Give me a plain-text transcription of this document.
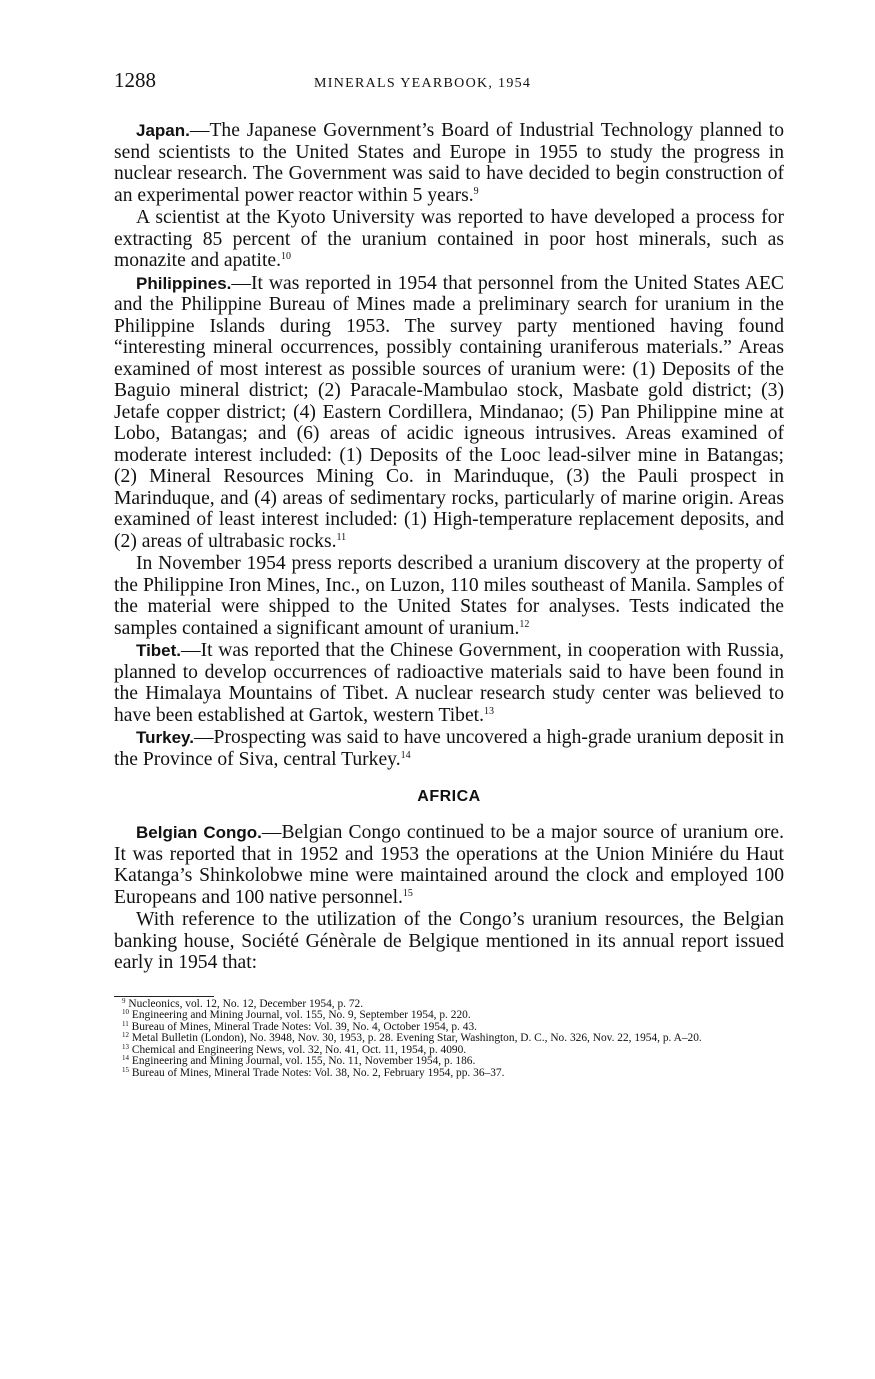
1288	MINERALS YEARBOOK, 1954

Japan.—The Japanese Government’s Board of Industrial Technology planned to send scientists to the United States and Europe in 1955 to study the progress in nuclear research. The Government was said to have decided to begin construction of an experimental power reactor within 5 years.$^9$

A scientist at the Kyoto University was reported to have developed a process for extracting 85 percent of the uranium contained in poor host minerals, such as monazite and apatite.$^{10}$

Philippines.—It was reported in 1954 that personnel from the United States AEC and the Philippine Bureau of Mines made a preliminary search for uranium in the Philippine Islands during 1953. The survey party mentioned having found “interesting mineral occurrences, possibly containing uraniferous materials.” Areas examined of most interest as possible sources of uranium were: (1) Deposits of the Baguio mineral district; (2) Paracale-Mambulao stock, Masbate gold district; (3) Jetafe copper district; (4) Eastern Cordillera, Mindanao; (5) Pan Philippine mine at Lobo, Batangas; and (6) areas of acidic igneous intrusives. Areas examined of moderate interest included: (1) Deposits of the Looc lead-silver mine in Batangas; (2) Mineral Resources Mining Co. in Marinduque, (3) the Pauli prospect in Marinduque, and (4) areas of sedimentary rocks, particularly of marine origin. Areas examined of least interest included: (1) High-temperature replacement deposits, and (2) areas of ultrabasic rocks.$^{11}$

In November 1954 press reports described a uranium discovery at the property of the Philippine Iron Mines, Inc., on Luzon, 110 miles southeast of Manila. Samples of the material were shipped to the United States for analyses. Tests indicated the samples contained a significant amount of uranium.$^{12}$

Tibet.—It was reported that the Chinese Government, in cooperation with Russia, planned to develop occurrences of radioactive materials said to have been found in the Himalaya Mountains of Tibet. A nuclear research study center was believed to have been established at Gartok, western Tibet.$^{13}$

Turkey.—Prospecting was said to have uncovered a high-grade uranium deposit in the Province of Siva, central Turkey.$^{14}$

AFRICA

Belgian Congo.—Belgian Congo continued to be a major source of uranium ore. It was reported that in 1952 and 1953 the operations at the Union Miniére du Haut Katanga’s Shinkolobwe mine were maintained around the clock and employed 100 Europeans and 100 native personnel.$^{15}$

With reference to the utilization of the Congo’s uranium resources, the Belgian banking house, Société Génèrale de Belgique mentioned in its annual report issued early in 1954 that:

$^9$ Nucleonics, vol. 12, No. 12, December 1954, p. 72.

$^{10}$ Engineering and Mining Journal, vol. 155, No. 9, September 1954, p. 220.

$^{11}$ Bureau of Mines, Mineral Trade Notes: Vol. 39, No. 4, October 1954, p. 43.

$^{12}$ Metal Bulletin (London), No. 3948, Nov. 30, 1953, p. 28. Evening Star, Washington, D. C., No. 326, Nov. 22, 1954, p. A–20.

$^{13}$ Chemical and Engineering News, vol. 32, No. 41, Oct. 11, 1954, p. 4090.

$^{14}$ Engineering and Mining Journal, vol. 155, No. 11, November 1954, p. 186.

$^{15}$ Bureau of Mines, Mineral Trade Notes: Vol. 38, No. 2, February 1954, pp. 36–37.
